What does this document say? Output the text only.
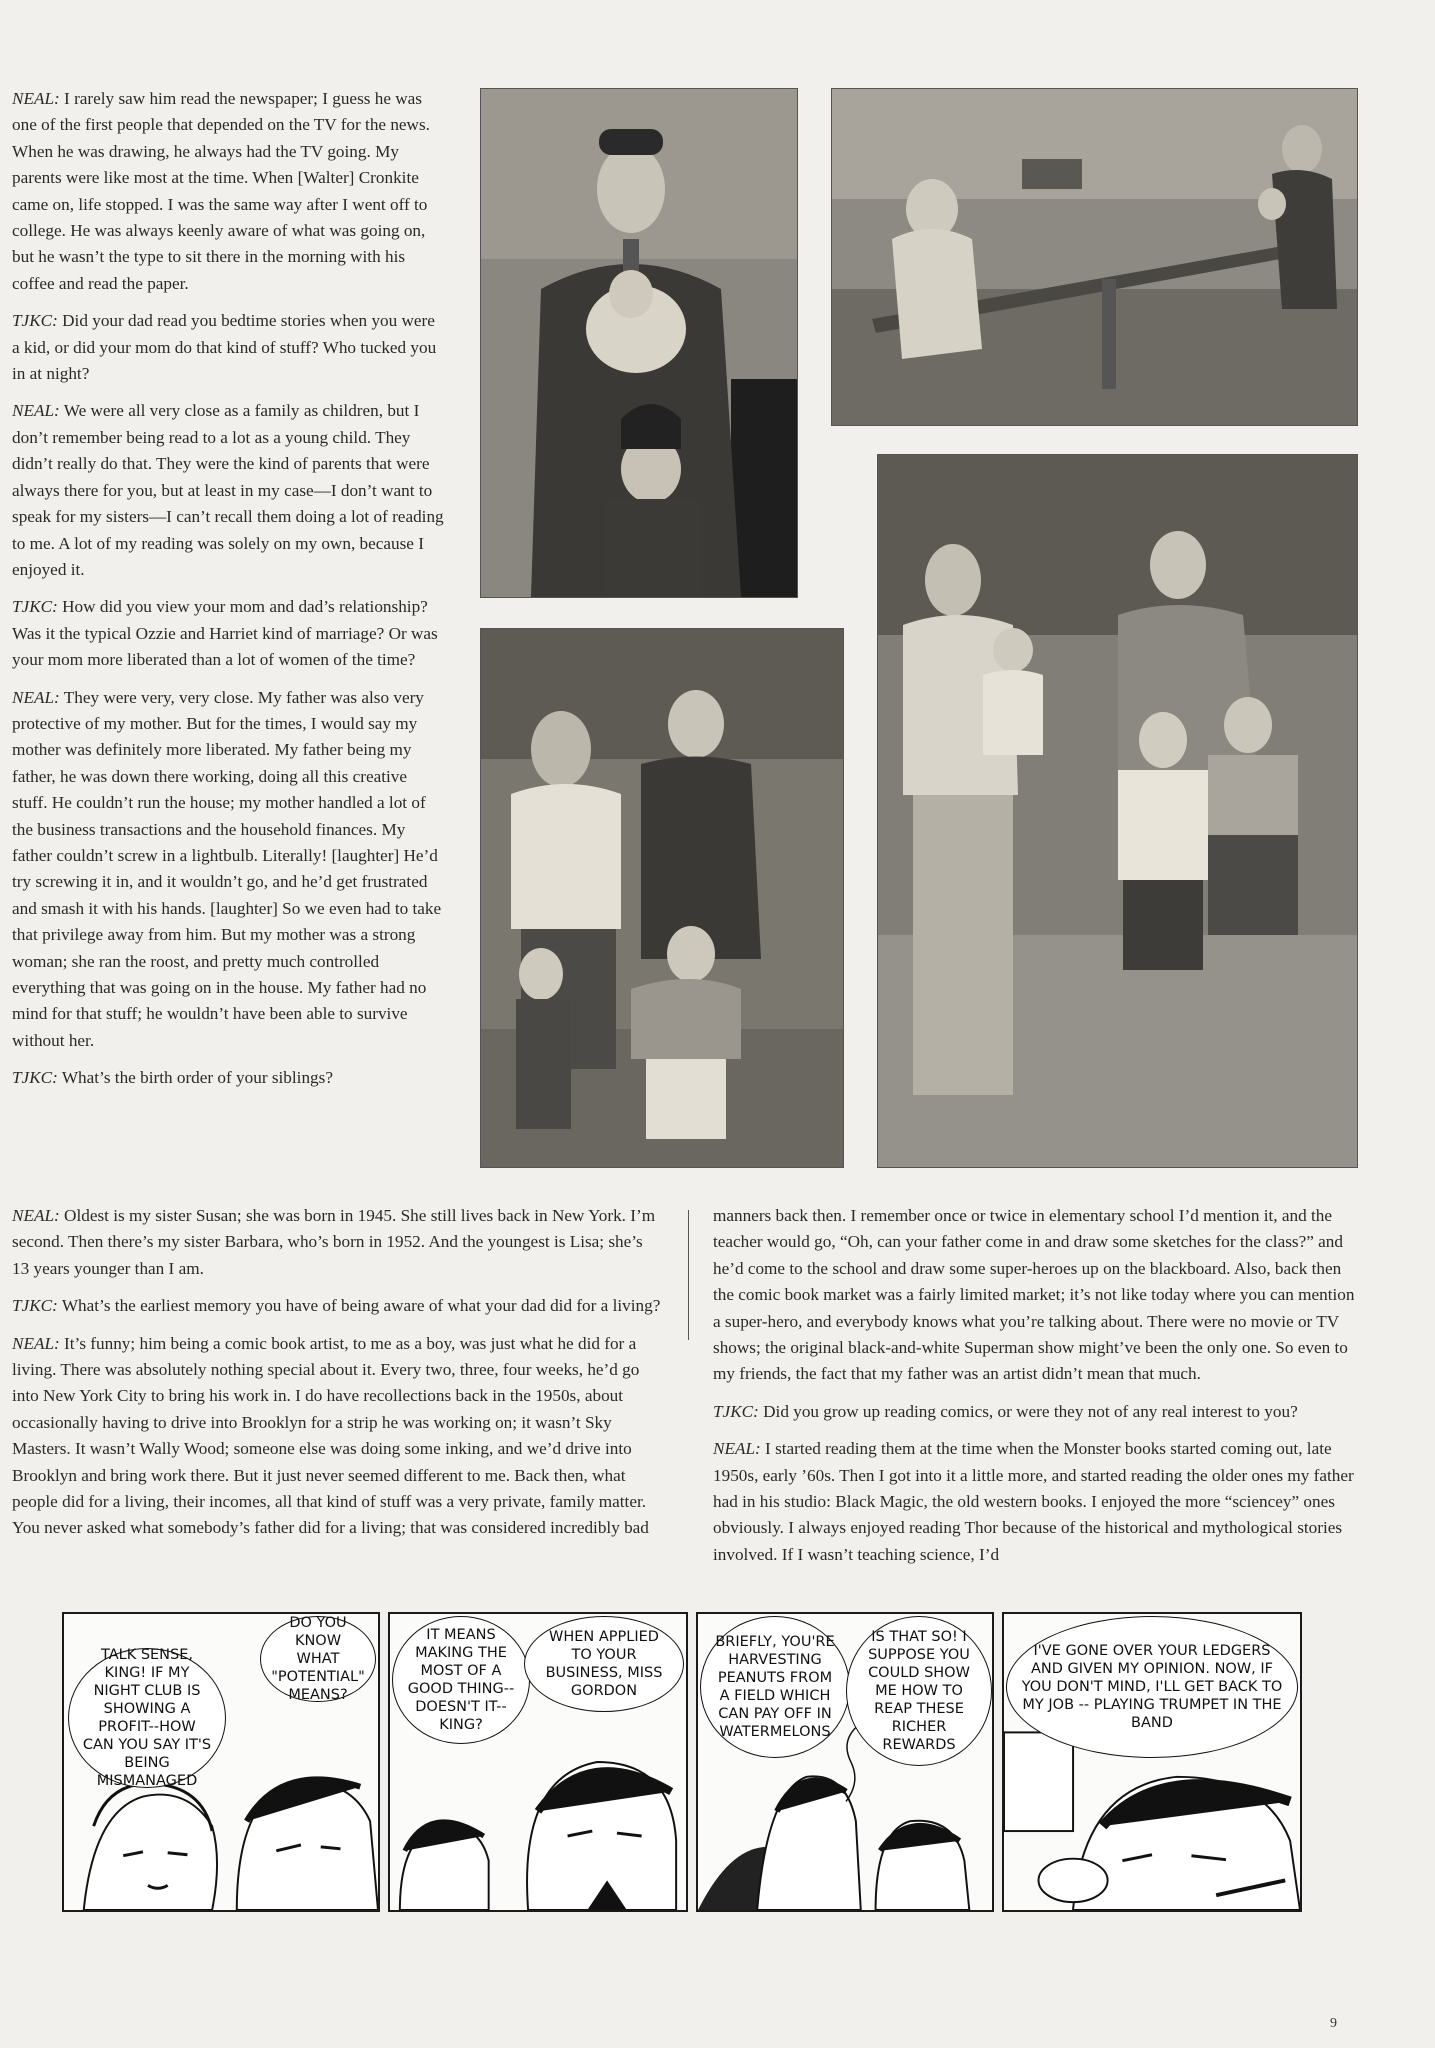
NEAL: I rarely saw him read the newspaper; I guess he was one of the first people that depended on the TV for the news. When he was drawing, he always had the TV going. My parents were like most at the time. When [Walter] Cronkite came on, life stopped. I was the same way after I went off to college. He was always keenly aware of what was going on, but he wasn’t the type to sit there in the morning with his coffee and read the paper.

TJKC: Did your dad read you bedtime stories when you were a kid, or did your mom do that kind of stuff? Who tucked you in at night?

NEAL: We were all very close as a family as children, but I don’t remember being read to a lot as a young child. They didn’t really do that. They were the kind of parents that were always there for you, but at least in my case—I don’t want to speak for my sisters—I can’t recall them doing a lot of reading to me. A lot of my reading was solely on my own, because I enjoyed it.

TJKC: How did you view your mom and dad’s relationship? Was it the typical Ozzie and Harriet kind of marriage? Or was your mom more liberated than a lot of women of the time?

NEAL: They were very, very close. My father was also very protective of my mother. But for the times, I would say my mother was definitely more liberated. My father being my father, he was down there working, doing all this creative stuff. He couldn’t run the house; my mother handled a lot of the business transactions and the household finances. My father couldn’t screw in a lightbulb. Literally! [laughter] He’d try screwing it in, and it wouldn’t go, and he’d get frustrated and smash it with his hands. [laughter] So we even had to take that privilege away from him. But my mother was a strong woman; she ran the roost, and pretty much controlled everything that was going on in the house. My father had no mind for that stuff; he wouldn’t have been able to survive without her.

TJKC: What’s the birth order of your siblings?

NEAL: Oldest is my sister Susan; she was born in 1945. She still lives back in New York. I’m second. Then there’s my sister Barbara, who’s born in 1952. And the youngest is Lisa; she’s 13 years younger than I am.

TJKC: What’s the earliest memory you have of being aware of what your dad did for a living?

NEAL: It’s funny; him being a comic book artist, to me as a boy, was just what he did for a living. There was absolutely nothing special about it. Every two, three, four weeks, he’d go into New York City to bring his work in. I do have recollections back in the 1950s, about occasionally having to drive into Brooklyn for a strip he was working on; it wasn’t Sky Masters. It wasn’t Wally Wood; someone else was doing some inking, and we’d drive into Brooklyn and bring work there. But it just never seemed different to me. Back then, what people did for a living, their incomes, all that kind of stuff was a very private, family matter. You never asked what somebody’s father did for a living; that was considered incredibly bad

manners back then. I remember once or twice in elementary school I’d mention it, and the teacher would go, “Oh, can your father come in and draw some sketches for the class?” and he’d come to the school and draw some super-heroes up on the blackboard. Also, back then the comic book market was a fairly limited market; it’s not like today where you can mention a super-hero, and everybody knows what you’re talking about. There were no movie or TV shows; the original black-and-white Superman show might’ve been the only one. So even to my friends, the fact that my father was an artist didn’t mean that much.

TJKC: Did you grow up reading comics, or were they not of any real interest to you?

NEAL: I started reading them at the time when the Monster books started coming out, late 1950s, early ’60s. Then I got into it a little more, and started reading the older ones my father had in his studio: Black Magic, the old western books. I enjoyed the more “sciencey” ones obviously. I always enjoyed reading Thor because of the historical and mythological stories involved. If I wasn’t teaching science, I’d

TALK SENSE, KING! IF MY NIGHT CLUB IS SHOWING A PROFIT--HOW CAN YOU SAY IT'S BEING MISMANAGED
DO YOU KNOW WHAT "POTENTIAL" MEANS?
IT MEANS MAKING THE MOST OF A GOOD THING--DOESN'T IT--KING?
WHEN APPLIED TO YOUR BUSINESS, MISS GORDON
BRIEFLY, YOU'RE HARVESTING PEANUTS FROM A FIELD WHICH CAN PAY OFF IN WATERMELONS
IS THAT SO! I SUPPOSE YOU COULD SHOW ME HOW TO REAP THESE RICHER REWARDS
I'VE GONE OVER YOUR LEDGERS AND GIVEN MY OPINION. NOW, IF YOU DON'T MIND, I'LL GET BACK TO MY JOB -- PLAYING TRUMPET IN THE BAND
9
